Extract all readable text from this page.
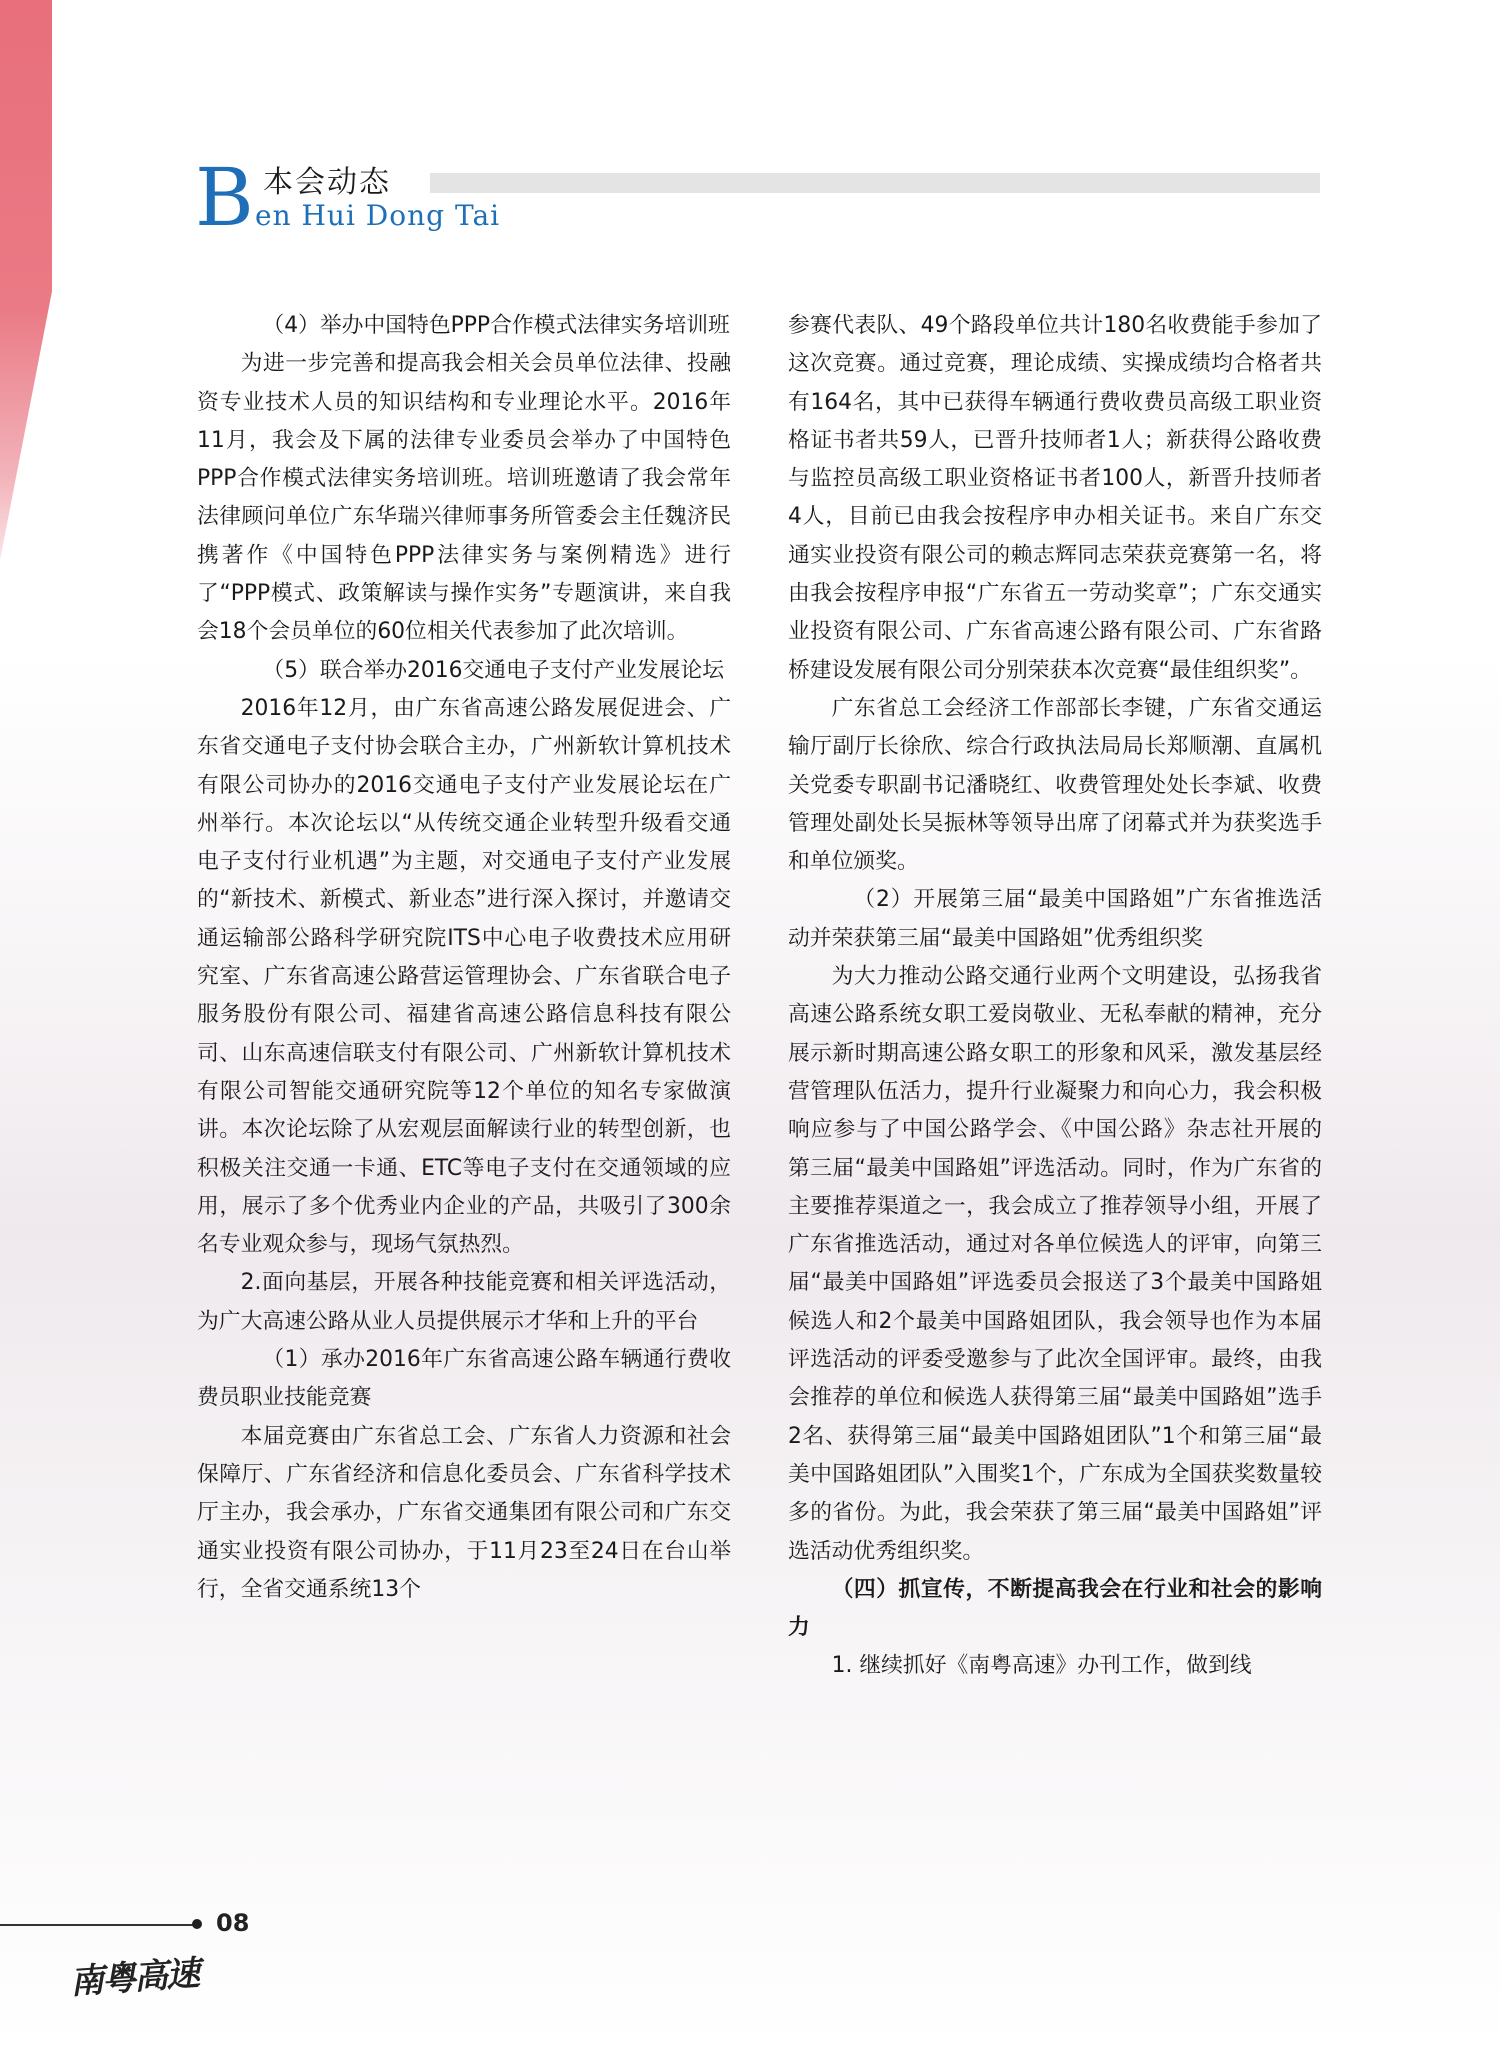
B 本会动态
en Hui Dong Tai

（4）举办中国特色PPP合作模式法律实务培训班

为进一步完善和提高我会相关会员单位法律、投融资专业技术人员的知识结构和专业理论水平。2016年11月，我会及下属的法律专业委员会举办了中国特色PPP合作模式法律实务培训班。培训班邀请了我会常年法律顾问单位广东华瑞兴律师事务所管委会主任魏济民携著作《中国特色PPP法律实务与案例精选》进行了“PPP模式、政策解读与操作实务”专题演讲，来自我会18个会员单位的60位相关代表参加了此次培训。

（5）联合举办2016交通电子支付产业发展论坛

2016年12月，由广东省高速公路发展促进会、广东省交通电子支付协会联合主办，广州新软计算机技术有限公司协办的2016交通电子支付产业发展论坛在广州举行。本次论坛以“从传统交通企业转型升级看交通电子支付行业机遇”为主题，对交通电子支付产业发展的“新技术、新模式、新业态”进行深入探讨，并邀请交通运输部公路科学研究院ITS中心电子收费技术应用研究室、广东省高速公路营运管理协会、广东省联合电子服务股份有限公司、福建省高速公路信息科技有限公司、山东高速信联支付有限公司、广州新软计算机技术有限公司智能交通研究院等12个单位的知名专家做演讲。本次论坛除了从宏观层面解读行业的转型创新，也积极关注交通一卡通、ETC等电子支付在交通领域的应用，展示了多个优秀业内企业的产品，共吸引了300余名专业观众参与，现场气氛热烈。

2.面向基层，开展各种技能竞赛和相关评选活动，为广大高速公路从业人员提供展示才华和上升的平台

（1）承办2016年广东省高速公路车辆通行费收费员职业技能竞赛

本届竞赛由广东省总工会、广东省人力资源和社会保障厅、广东省经济和信息化委员会、广东省科学技术厅主办，我会承办，广东省交通集团有限公司和广东交通实业投资有限公司协办，于11月23至24日在台山举行，全省交通系统13个

参赛代表队、49个路段单位共计180名收费能手参加了这次竞赛。通过竞赛，理论成绩、实操成绩均合格者共有164名，其中已获得车辆通行费收费员高级工职业资格证书者共59人，已晋升技师者1人；新获得公路收费与监控员高级工职业资格证书者100人，新晋升技师者4人，目前已由我会按程序申办相关证书。来自广东交通实业投资有限公司的赖志辉同志荣获竞赛第一名，将由我会按程序申报“广东省五一劳动奖章”；广东交通实业投资有限公司、广东省高速公路有限公司、广东省路桥建设发展有限公司分别荣获本次竞赛“最佳组织奖”。

广东省总工会经济工作部部长李键，广东省交通运输厅副厅长徐欣、综合行政执法局局长郑顺潮、直属机关党委专职副书记潘晓红、收费管理处处长李斌、收费管理处副处长吴振林等领导出席了闭幕式并为获奖选手和单位颁奖。

（2）开展第三届“最美中国路姐”广东省推选活动并荣获第三届“最美中国路姐”优秀组织奖

为大力推动公路交通行业两个文明建设，弘扬我省高速公路系统女职工爱岗敬业、无私奉献的精神，充分展示新时期高速公路女职工的形象和风采，激发基层经营管理队伍活力，提升行业凝聚力和向心力，我会积极响应参与了中国公路学会、《中国公路》杂志社开展的第三届“最美中国路姐”评选活动。同时，作为广东省的主要推荐渠道之一，我会成立了推荐领导小组，开展了广东省推选活动，通过对各单位候选人的评审，向第三届“最美中国路姐”评选委员会报送了3个最美中国路姐候选人和2个最美中国路姐团队，我会领导也作为本届评选活动的评委受邀参与了此次全国评审。最终，由我会推荐的单位和候选人获得第三届“最美中国路姐”选手2名、获得第三届“最美中国路姐团队”1个和第三届“最美中国路姐团队”入围奖1个，广东成为全国获奖数量较多的省份。为此，我会荣获了第三届“最美中国路姐”评选活动优秀组织奖。

（四）抓宣传，不断提高我会在行业和社会的影响力

1. 继续抓好《南粤高速》办刊工作，做到线

08
南粤高速
